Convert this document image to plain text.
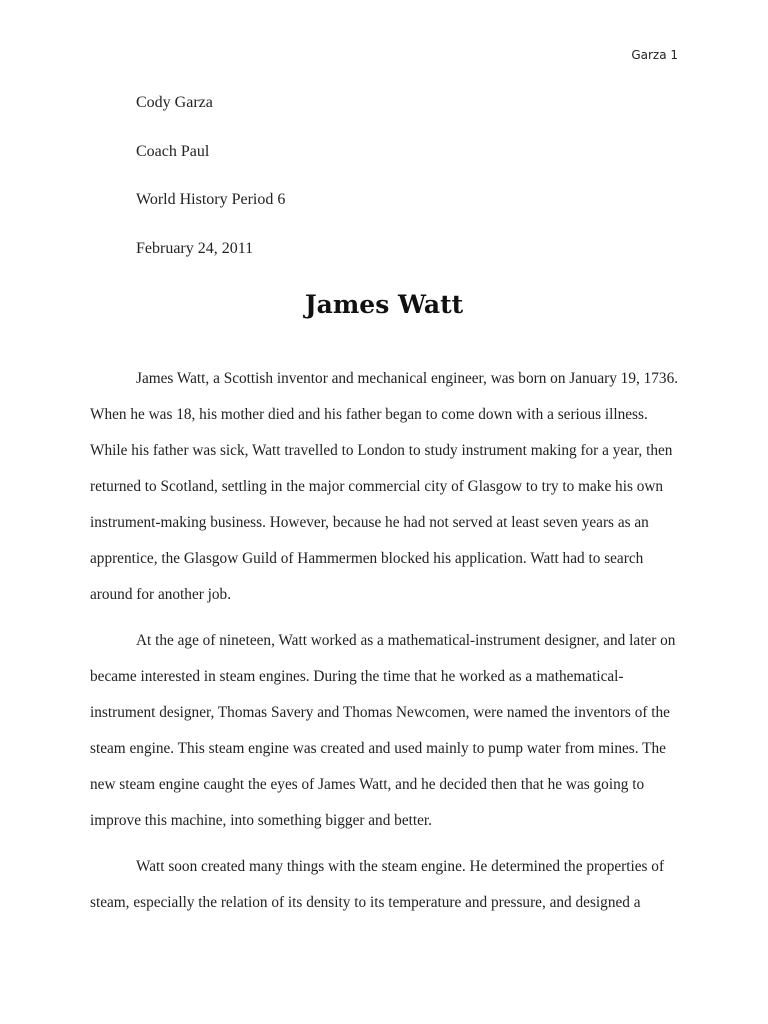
Garza 1
Cody Garza
Coach Paul
World History Period 6
February 24, 2011
James Watt

James Watt, a Scottish inventor and mechanical engineer, was born on January 19, 1736. When he was 18, his mother died and his father began to come down with a serious illness. While his father was sick, Watt travelled to London to study instrument making for a year, then returned to Scotland, settling in the major commercial city of Glasgow to try to make his own instrument-making business. However, because he had not served at least seven years as an apprentice, the Glasgow Guild of Hammermen blocked his application. Watt had to search around for another job.

At the age of nineteen, Watt worked as a mathematical-instrument designer, and later on became interested in steam engines. During the time that he worked as a mathematical-instrument designer, Thomas Savery and Thomas Newcomen, were named the inventors of the steam engine. This steam engine was created and used mainly to pump water from mines. The new steam engine caught the eyes of James Watt, and he decided then that he was going to improve this machine, into something bigger and better.

Watt soon created many things with the steam engine. He determined the properties of steam, especially the relation of its density to its temperature and pressure, and designed a
